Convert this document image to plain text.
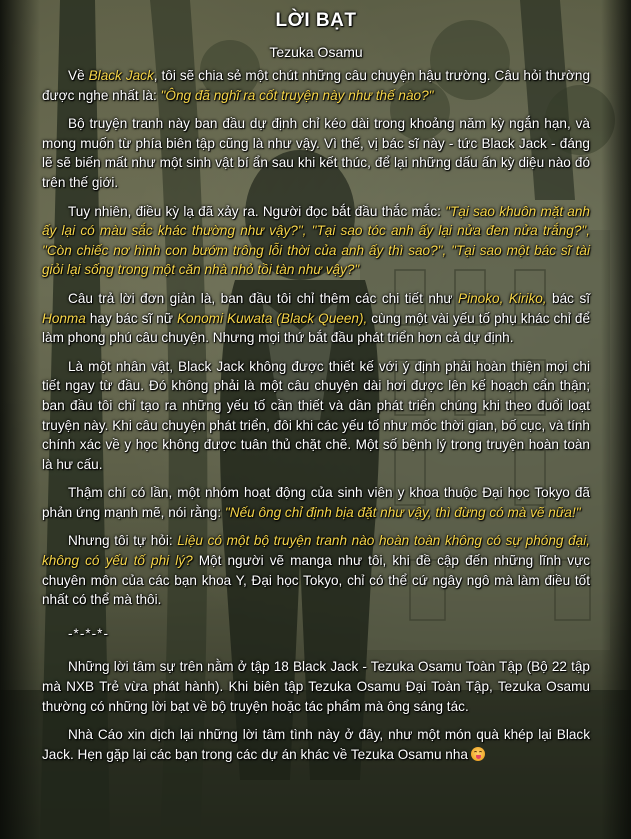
LỜI BẠT
Tezuka Osamu

Về Black Jack, tôi sẽ chia sẻ một chút những câu chuyện hậu trường. Câu hỏi thường được nghe nhất là: "Ông đã nghĩ ra cốt truyện này như thế nào?"

Bộ truyện tranh này ban đầu dự định chỉ kéo dài trong khoảng năm kỳ ngắn hạn, và mong muốn từ phía biên tập cũng là như vậy. Vì thế, vị bác sĩ này - tức Black Jack - đáng lẽ sẽ biến mất như một sinh vật bí ẩn sau khi kết thúc, để lại những dấu ấn kỳ diệu nào đó trên thế giới.

Tuy nhiên, điều kỳ lạ đã xảy ra. Người đọc bắt đầu thắc mắc: "Tại sao khuôn mặt anh ấy lại có màu sắc khác thường như vậy?", "Tại sao tóc anh ấy lại nửa đen nửa trắng?", "Còn chiếc nơ hình con bướm trông lỗi thời của anh ấy thì sao?", "Tại sao một bác sĩ tài giỏi lại sống trong một căn nhà nhỏ tồi tàn như vậy?"

Câu trả lời đơn giản là, ban đầu tôi chỉ thêm các chi tiết như Pinoko, Kiriko, bác sĩ Honma hay bác sĩ nữ Konomi Kuwata (Black Queen), cùng một vài yếu tố phụ khác chỉ để làm phong phú câu chuyện. Nhưng mọi thứ bắt đầu phát triển hơn cả dự định.

Là một nhân vật, Black Jack không được thiết kế với ý định phải hoàn thiện mọi chi tiết ngay từ đầu. Đó không phải là một câu chuyện dài hơi được lên kế hoạch cẩn thận; ban đầu tôi chỉ tạo ra những yếu tố cần thiết và dần phát triển chúng khi theo đuổi loạt truyện này. Khi câu chuyện phát triển, đôi khi các yếu tố như mốc thời gian, bố cục, và tính chính xác về y học không được tuân thủ chặt chẽ. Một số bệnh lý trong truyện hoàn toàn là hư cấu.

Thậm chí có lần, một nhóm hoạt động của sinh viên y khoa thuộc Đại học Tokyo đã phản ứng mạnh mẽ, nói rằng: "Nếu ông chỉ định bịa đặt như vậy, thì đừng có mà vẽ nữa!"

Nhưng tôi tự hỏi: Liệu có một bộ truyện tranh nào hoàn toàn không có sự phóng đại, không có yếu tố phi lý? Một người vẽ manga như tôi, khi đề cập đến những lĩnh vực chuyên môn của các bạn khoa Y, Đại học Tokyo, chỉ có thể cứ ngây ngô mà làm điều tốt nhất có thể mà thôi.

-*-*-*-

Những lời tâm sự trên nằm ở tập 18 Black Jack - Tezuka Osamu Toàn Tập (Bộ 22 tập mà NXB Trẻ vừa phát hành). Khi biên tập Tezuka Osamu Đại Toàn Tập, Tezuka Osamu thường có những lời bạt về bộ truyện hoặc tác phẩm mà ông sáng tác.

Nhà Cáo xin dịch lại những lời tâm tình này ở đây, như một món quà khép lại Black Jack. Hẹn gặp lại các bạn trong các dự án khác về Tezuka Osamu nha
